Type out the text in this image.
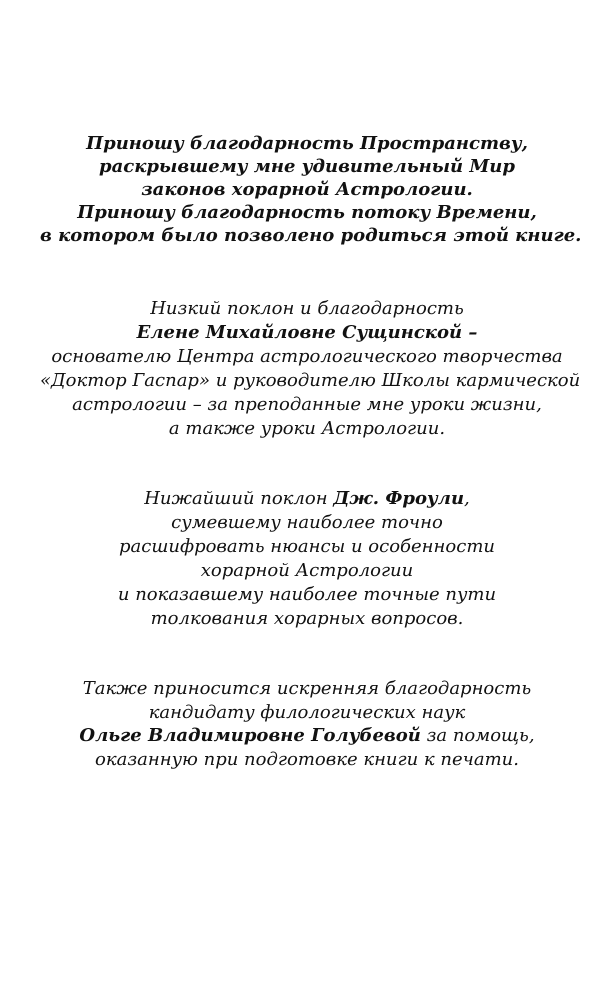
Приношу благодарность Пространству,
раскрывшему мне удивительный Мир
законов хорарной Астрологии.
Приношу благодарность потоку Времени,
в котором было позволено родиться этой книге.
Низкий поклон и благодарность
Елене Михайловне Сущинской –
основателю Центра астрологического творчества
«Доктор Гаспар» и руководителю Школы кармической
астрологии – за преподанные мне уроки жизни,
а также уроки Астрологии.
Нижайший поклон Дж. Фроули,
сумевшему наиболее точно
расшифровать нюансы и особенности
хорарной Астрологии
и показавшему наиболее точные пути
толкования хорарных вопросов.
Также приносится искренняя благодарность
кандидату филологических наук
Ольге Владимировне Голубевой за помощь,
оказанную при подготовке книги к печати.
